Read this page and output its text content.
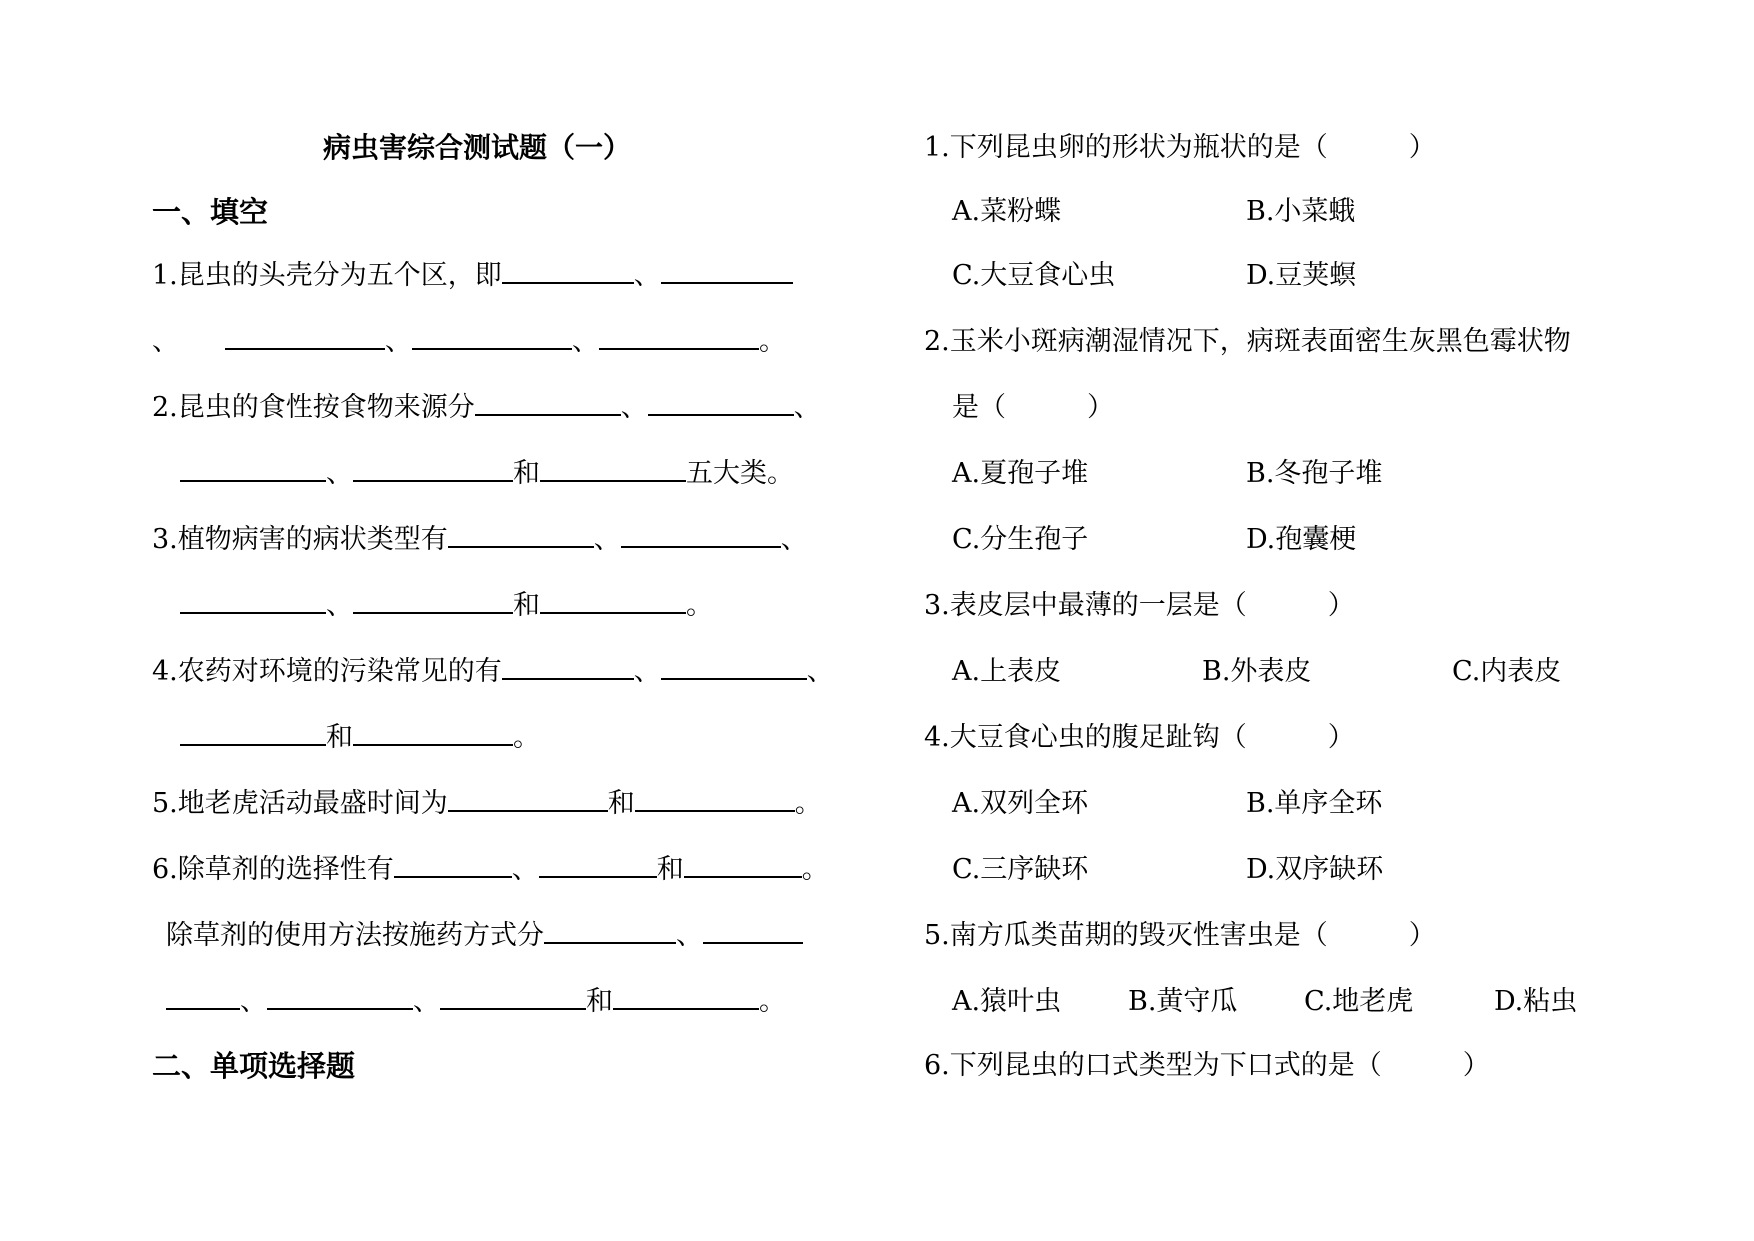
病虫害综合测试题（一）
一、填空
1.昆虫的头壳分为五个区，即	、
、	、	、	。
2.昆虫的食性按食物来源分	、	、
、	和	五大类。
3.植物病害的病状类型有	、	、
、	和	。
4.农药对环境的污染常见的有	、	、
和	。
5.地老虎活动最盛时间为	和	。
6.除草剂的选择性有	、	和	。
除草剂的使用方法按施药方式分	、
、	、	和	。
二、单项选择题
1.下列昆虫卵的形状为瓶状的是（　　　）
A.菜粉蝶	B.小菜蛾
C.大豆食心虫	D.豆荚螟
2.玉米小斑病潮湿情况下，病斑表面密生灰黑色霉状物
是（　　　）
A.夏孢子堆	B.冬孢子堆
C.分生孢子	D.孢囊梗
3.表皮层中最薄的一层是（　　　）
A.上表皮	B.外表皮	C.内表皮
4.大豆食心虫的腹足趾钩（　　　）
A.双列全环	B.单序全环
C.三序缺环	D.双序缺环
5.南方瓜类苗期的毁灭性害虫是（　　　）
A.猿叶虫 B.黄守瓜 C.地老虎	D.粘虫
6.下列昆虫的口式类型为下口式的是（　　　）
